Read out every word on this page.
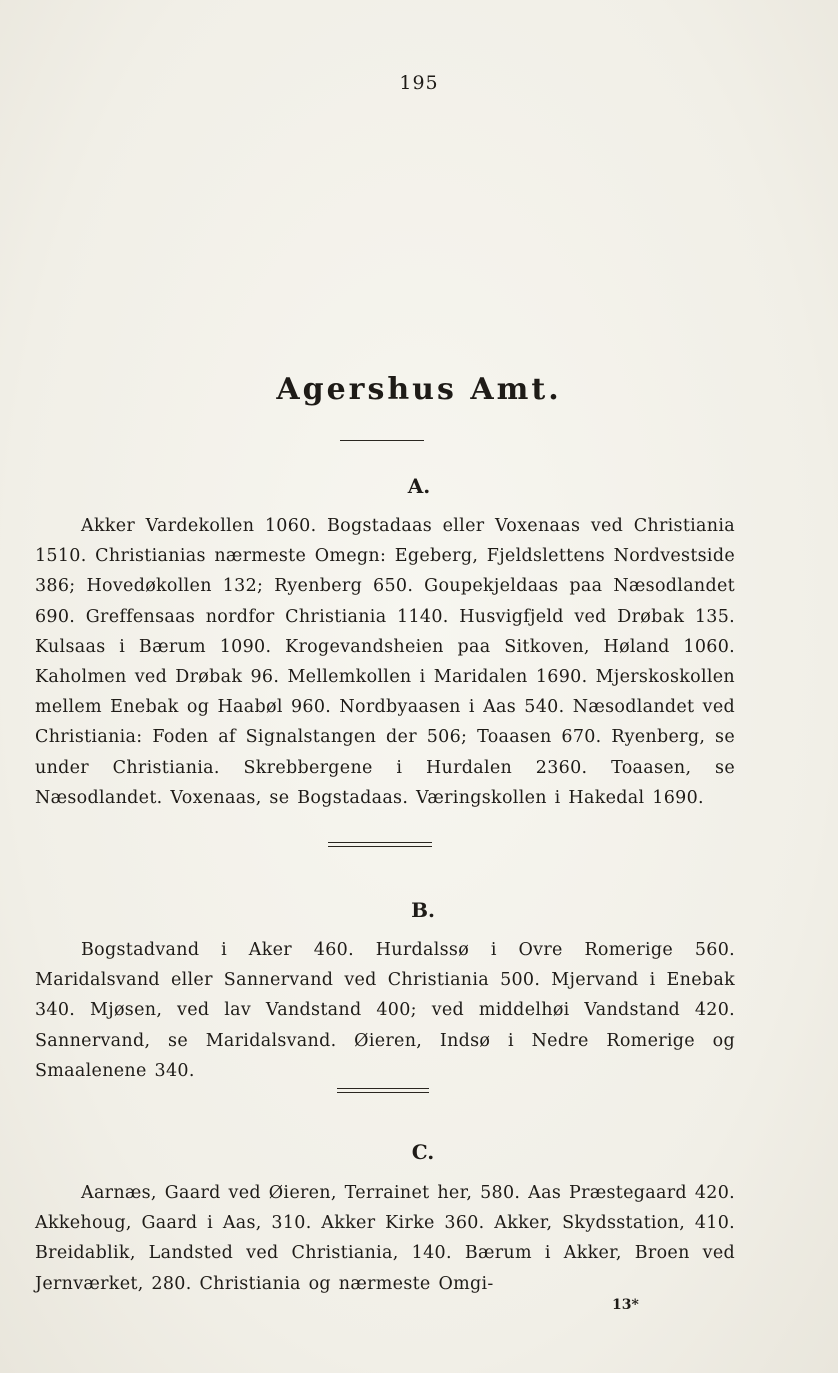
195
Agershus Amt.
A.
Akker Vardekollen 1060. Bogstadaas eller Voxenaas ved Christiania 1510. Christianias nærmeste Omegn: Egeberg, Fjeldslettens Nordvestside 386; Hovedøkollen 132; Ryenberg 650. Goupekjeldaas paa Næsodlandet 690. Greffensaas nordfor Christiania 1140. Husvigfjeld ved Drøbak 135. Kulsaas i Bærum 1090. Krogevandsheien paa Sitkoven, Høland 1060. Kaholmen ved Drøbak 96. Mellemkollen i Maridalen 1690. Mjerskoskollen mellem Enebak og Haabøl 960. Nordbyaasen i Aas 540. Næsodlandet ved Christiania: Foden af Signalstangen der 506; Toaasen 670. Ryenberg, se under Christiania. Skrebbergene i Hurdalen 2360. Toaasen, se Næsodlandet. Voxenaas, se Bogstadaas. Væringskollen i Hakedal 1690.
B.
Bogstadvand i Aker 460. Hurdalssø i Ovre Romerige 560. Maridalsvand eller Sannervand ved Christiania 500. Mjervand i Enebak 340. Mjøsen, ved lav Vandstand 400; ved middelhøi Vandstand 420. Sannervand, se Maridalsvand. Øieren, Indsø i Nedre Romerige og Smaalenene 340.
C.
Aarnæs, Gaard ved Øieren, Terrainet her, 580. Aas Præstegaard 420. Akkehoug, Gaard i Aas, 310. Akker Kirke 360. Akker, Skydsstation, 410. Breidablik, Landsted ved Christiania, 140. Bærum i Akker, Broen ved Jernværket, 280. Christiania og nærmeste Omgi-
13*
